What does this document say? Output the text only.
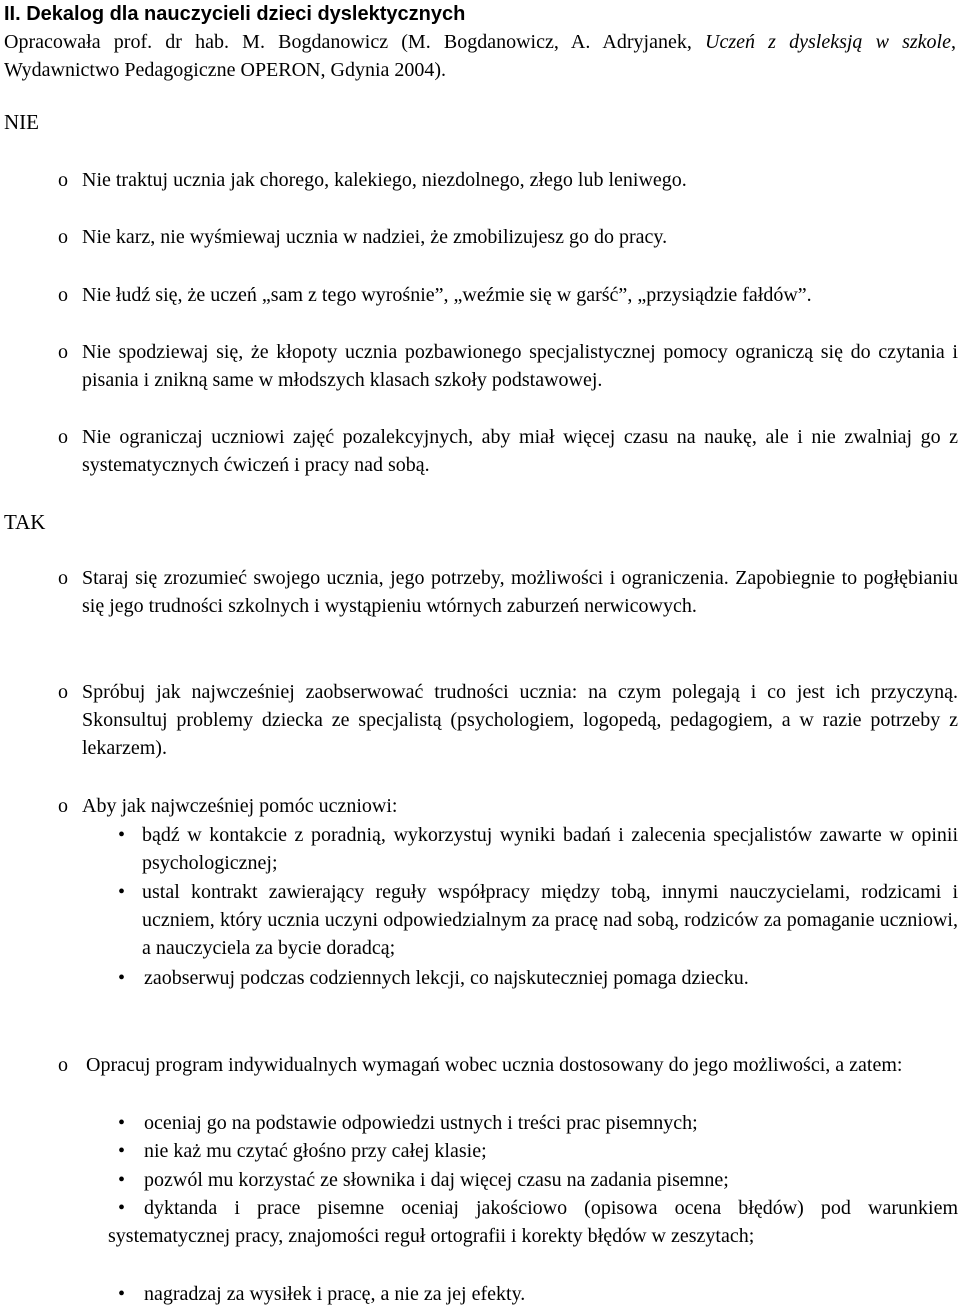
II. Dekalog dla nauczycieli dzieci dyslektycznych
Opracowała prof. dr hab. M. Bogdanowicz (M. Bogdanowicz, A. Adryjanek, Uczeń z dysleksją w szkole, Wydawnictwo Pedagogiczne OPERON, Gdynia 2004).
NIE
o Nie traktuj ucznia jak chorego, kalekiego, niezdolnego, złego lub leniwego.
o Nie karz, nie wyśmiewaj ucznia w nadziei, że zmobilizujesz go do pracy.
o Nie łudź się, że uczeń „sam z tego wyrośnie”, „weźmie się w garść”, „przysiądzie fałdów”.
o Nie spodziewaj się, że kłopoty ucznia pozbawionego specjalistycznej pomocy ograniczą się do czytania i pisania i znikną same w młodszych klasach szkoły podstawowej.
o Nie ograniczaj uczniowi zajęć pozalekcyjnych, aby miał więcej czasu na naukę, ale i nie zwalniaj go z systematycznych ćwiczeń i pracy nad sobą.
TAK
o Staraj się zrozumieć swojego ucznia, jego potrzeby, możliwości i ograniczenia. Zapobiegnie to pogłębianiu się jego trudności szkolnych i wystąpieniu wtórnych zaburzeń nerwicowych.
o Spróbuj jak najwcześniej zaobserwować trudności ucznia: na czym polegają i co jest ich przyczyną. Skonsultuj problemy dziecka ze specjalistą (psychologiem, logopedą, pedagogiem, a w razie potrzeby z lekarzem).
o Aby jak najwcześniej pomóc uczniowi:
• bądź w kontakcie z poradnią, wykorzystuj wyniki badań i zalecenia specjalistów zawarte w opinii psychologicznej;
• ustal kontrakt zawierający reguły współpracy między tobą, innymi nauczycielami, rodzicami i uczniem, który ucznia uczyni odpowiedzialnym za pracę nad sobą, rodziców za pomaganie uczniowi, a nauczyciela za bycie doradcą;
• zaobserwuj podczas codziennych lekcji, co najskuteczniej pomaga dziecku.
o Opracuj program indywidualnych wymagań wobec ucznia dostosowany do jego możliwości, a zatem:
• oceniaj go na podstawie odpowiedzi ustnych i treści prac pisemnych;
• nie każ mu czytać głośno przy całej klasie;
• pozwól mu korzystać ze słownika i daj więcej czasu na zadania pisemne;
• dyktanda i prace pisemne oceniaj jakościowo (opisowa ocena błędów) pod warunkiem systematycznej pracy, znajomości reguł ortografii i korekty błędów w zeszytach;
• nagradzaj za wysiłek i pracę, a nie za jej efekty.
